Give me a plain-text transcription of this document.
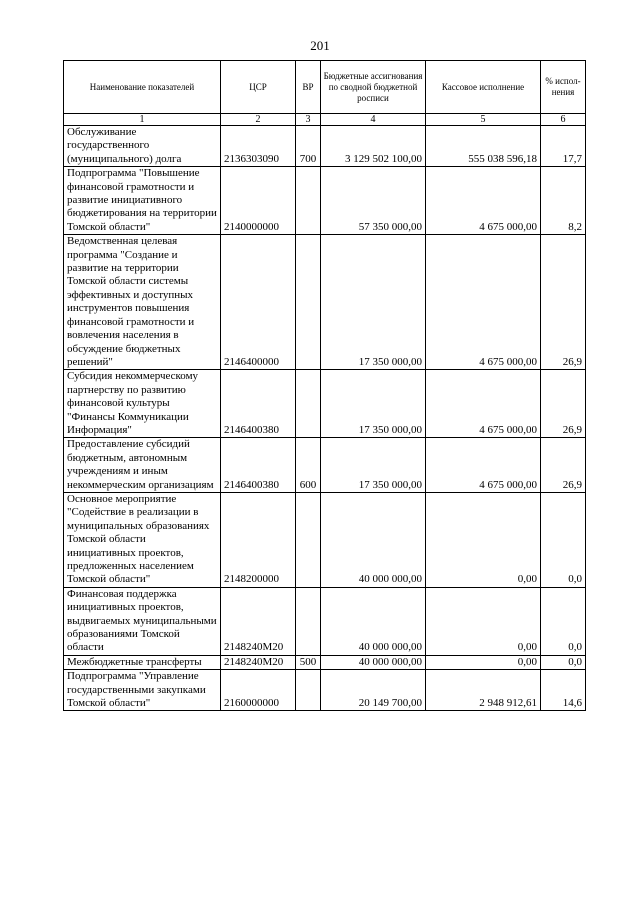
201
Наименование показателей	ЦСР	ВР	Бюджетные ассигнования по сводной бюджетной росписи	Кассовое исполнение	% испол-нения
1	2	3	4	5	6
Обслуживание государственного (муниципального) долга	2136303090	700	3 129 502 100,00	555 038 596,18	17,7
Подпрограмма "Повышение финансовой грамотности и развитие инициативного бюджетирования на территории Томской области"	2140000000		57 350 000,00	4 675 000,00	8,2
Ведомственная целевая программа "Создание и развитие на территории Томской области системы эффективных и доступных инструментов повышения финансовой грамотности и вовлечения населения в обсуждение бюджетных решений"	2146400000		17 350 000,00	4 675 000,00	26,9
Субсидия некоммерческому партнерству по развитию финансовой культуры "Финансы Коммуникации Информация"	2146400380		17 350 000,00	4 675 000,00	26,9
Предоставление субсидий бюджетным, автономным учреждениям и иным некоммерческим организациям	2146400380	600	17 350 000,00	4 675 000,00	26,9
Основное мероприятие "Содействие в реализации в муниципальных образованиях Томской области инициативных проектов, предложенных населением Томской области"	2148200000		40 000 000,00	0,00	0,0
Финансовая поддержка инициативных проектов, выдвигаемых муниципальными образованиями Томской области	2148240М20		40 000 000,00	0,00	0,0
Межбюджетные трансферты	2148240М20	500	40 000 000,00	0,00	0,0
Подпрограмма "Управление государственными закупками Томской области"	2160000000		20 149 700,00	2 948 912,61	14,6
